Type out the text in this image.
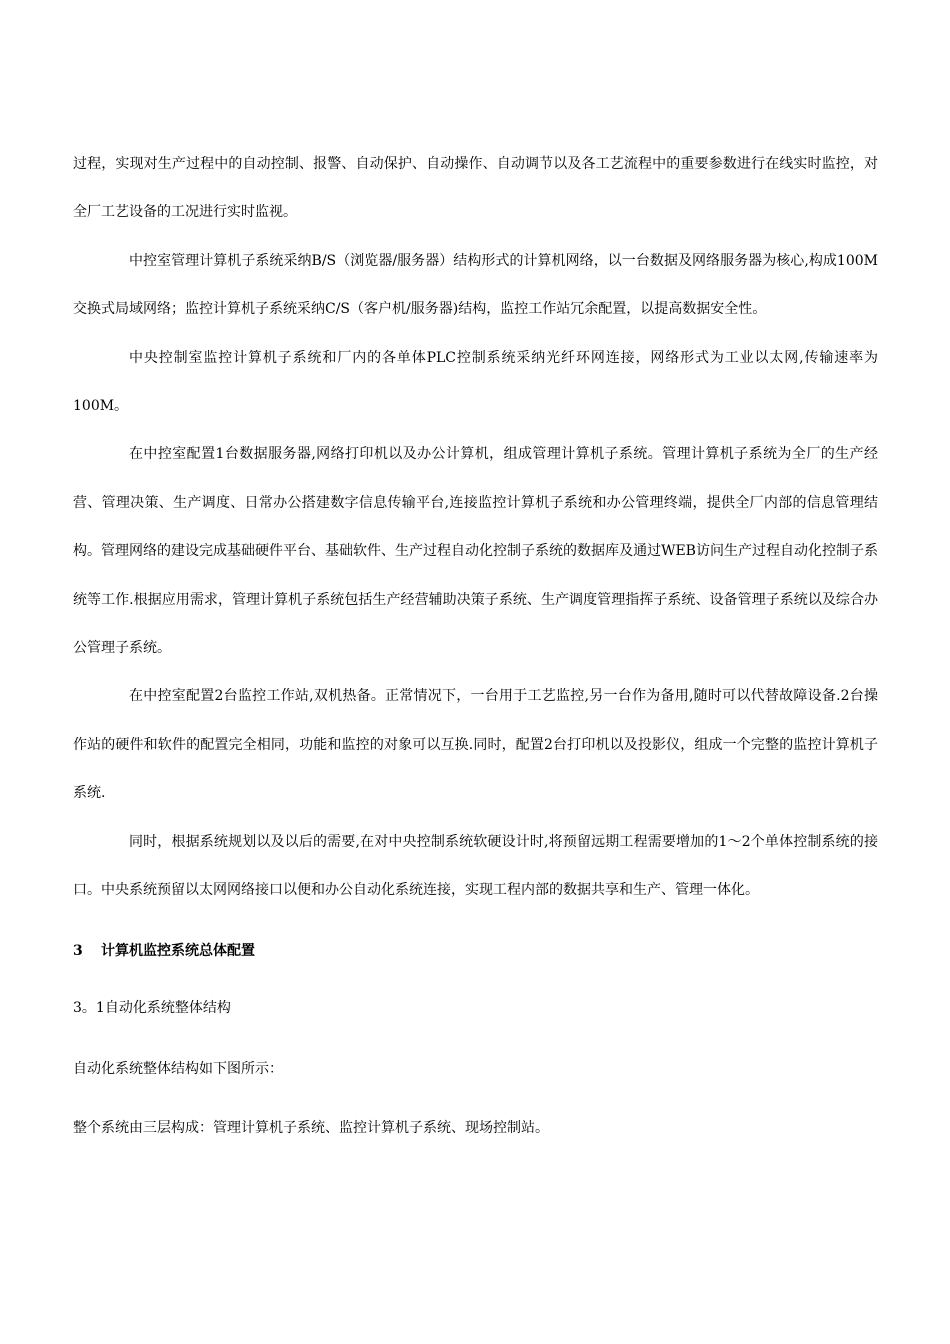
过程，实现对生产过程中的自动控制、报警、自动保护、自动操作、自动调节以及各工艺流程中的重要参数进行在线实时监控，对全厂工艺设备的工况进行实时监视。

中控室管理计算机子系统采纳B/S（浏览器/服务器）结构形式的计算机网络，以一台数据及网络服务器为核心,构成100M交换式局域网络；监控计算机子系统采纳C/S（客户机/服务器)结构，监控工作站冗余配置，以提高数据安全性。

中央控制室监控计算机子系统和厂内的各单体PLC控制系统采纳光纤环网连接，网络形式为工业以太网,传输速率为100M。

在中控室配置1台数据服务器,网络打印机以及办公计算机，组成管理计算机子系统。管理计算机子系统为全厂的生产经营、管理决策、生产调度、日常办公搭建数字信息传输平台,连接监控计算机子系统和办公管理终端，提供全厂内部的信息管理结构。管理网络的建设完成基础硬件平台、基础软件、生产过程自动化控制子系统的数据库及通过WEB访问生产过程自动化控制子系统等工作.根据应用需求，管理计算机子系统包括生产经营辅助决策子系统、生产调度管理指挥子系统、设备管理子系统以及综合办公管理子系统。

在中控室配置2台监控工作站,双机热备。正常情况下，一台用于工艺监控,另一台作为备用,随时可以代替故障设备.2台操作站的硬件和软件的配置完全相同，功能和监控的对象可以互换.同时，配置2台打印机以及投影仪，组成一个完整的监控计算机子系统.

同时，根据系统规划以及以后的需要,在对中央控制系统软硬设计时,将预留远期工程需要增加的1～2个单体控制系统的接口。中央系统预留以太网网络接口以便和办公自动化系统连接，实现工程内部的数据共享和生产、管理一体化。

3 计算机监控系统总体配置

3。1自动化系统整体结构

自动化系统整体结构如下图所示：

整个系统由三层构成：管理计算机子系统、监控计算机子系统、现场控制站。
